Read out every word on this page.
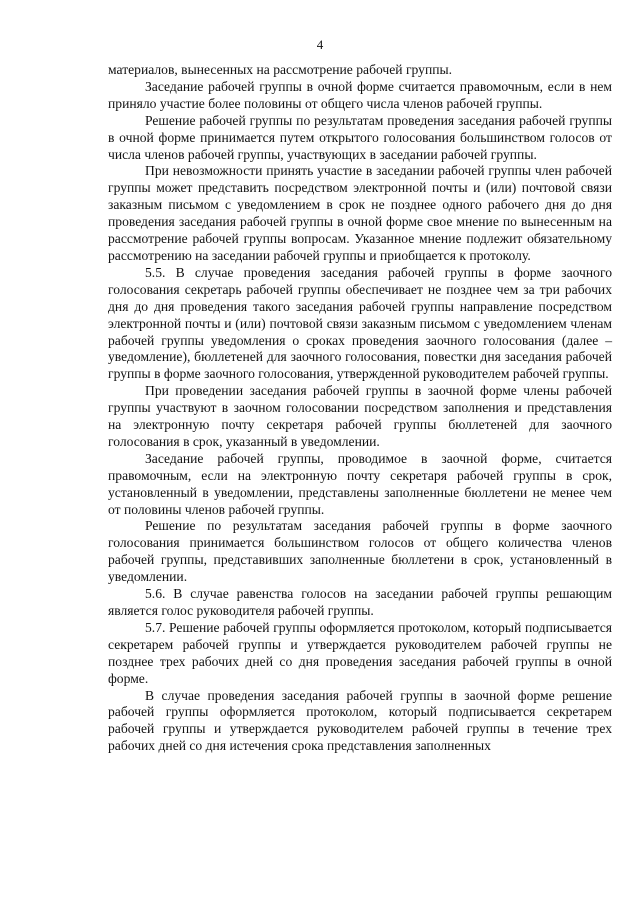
4

материалов, вынесенных на рассмотрение рабочей группы.

Заседание рабочей группы в очной форме считается правомочным, если в нем приняло участие более половины от общего числа членов рабочей группы.

Решение рабочей группы по результатам проведения заседания рабочей группы в очной форме принимается путем открытого голосования большинством голосов от числа членов рабочей группы, участвующих в заседании рабочей группы.

При невозможности принять участие в заседании рабочей группы член рабочей группы может представить посредством электронной почты и (или) почтовой связи заказным письмом с уведомлением в срок не позднее одного рабочего дня до дня проведения заседания рабочей группы в очной форме свое мнение по вынесенным на рассмотрение рабочей группы вопросам. Указанное мнение подлежит обязательному рассмотрению на заседании рабочей группы и приобщается к протоколу.

5.5. В случае проведения заседания рабочей группы в форме заочного голосования секретарь рабочей группы обеспечивает не позднее чем за три рабочих дня до дня проведения такого заседания рабочей группы направление посредством электронной почты и (или) почтовой связи заказным письмом с уведомлением членам рабочей группы уведомления о сроках проведения заочного голосования (далее – уведомление), бюллетеней для заочного голосования, повестки дня заседания рабочей группы в форме заочного голосования, утвержденной руководителем рабочей группы.

При проведении заседания рабочей группы в заочной форме члены рабочей группы участвуют в заочном голосовании посредством заполнения и представления на электронную почту секретаря рабочей группы бюллетеней для заочного голосования в срок, указанный в уведомлении.

Заседание рабочей группы, проводимое в заочной форме, считается правомочным, если на электронную почту секретаря рабочей группы в срок, установленный в уведомлении, представлены заполненные бюллетени не менее чем от половины членов рабочей группы.

Решение по результатам заседания рабочей группы в форме заочного голосования принимается большинством голосов от общего количества членов рабочей группы, представивших заполненные бюллетени в срок, установленный в уведомлении.

5.6. В случае равенства голосов на заседании рабочей группы решающим является голос руководителя рабочей группы.

5.7. Решение рабочей группы оформляется протоколом, который подписывается секретарем рабочей группы и утверждается руководителем рабочей группы не позднее трех рабочих дней со дня проведения заседания рабочей группы в очной форме.

В случае проведения заседания рабочей группы в заочной форме решение рабочей группы оформляется протоколом, который подписывается секретарем рабочей группы и утверждается руководителем рабочей группы в течение трех рабочих дней со дня истечения срока представления заполненных
